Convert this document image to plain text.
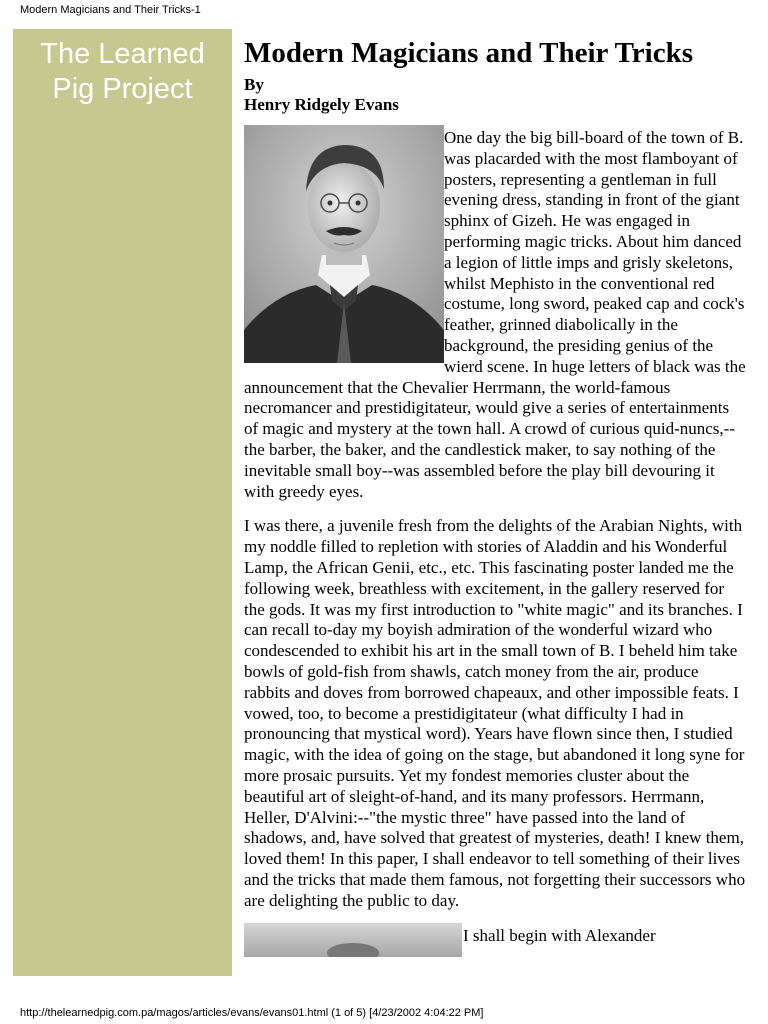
Modern Magicians and Their Tricks-1
The Learned
Pig Project
Modern Magicians and Their Tricks
By
Henry Ridgely Evans

One day the big bill-board of the town of B. was placarded with the most flamboyant of posters, representing a gentleman in full evening dress, standing in front of the giant sphinx of Gizeh. He was engaged in performing magic tricks. About him danced a legion of little imps and grisly skeletons, whilst Mephisto in the conventional red costume, long sword, peaked cap and cock's feather, grinned diabolically in the background, the presiding genius of the wierd scene. In huge letters of black was the announcement that the Chevalier Herrmann, the world-famous necromancer and prestidigitateur, would give a series of entertainments of magic and mystery at the town hall. A crowd of curious quid-nuncs,--the barber, the baker, and the candlestick maker, to say nothing of the inevitable small boy--was assembled before the play bill devouring it with greedy eyes.

I was there, a juvenile fresh from the delights of the Arabian Nights, with my noddle filled to repletion with stories of Aladdin and his Wonderful Lamp, the African Genii, etc., etc. This fascinating poster landed me the following week, breathless with excitement, in the gallery reserved for the gods. It was my first introduction to "white magic" and its branches. I can recall to-day my boyish admiration of the wonderful wizard who condescended to exhibit his art in the small town of B. I beheld him take bowls of gold-fish from shawls, catch money from the air, produce rabbits and doves from borrowed chapeaux, and other impossible feats. I vowed, too, to become a prestidigitateur (what difficulty I had in pronouncing that mystical word). Years have flown since then, I studied magic, with the idea of going on the stage, but abandoned it long syne for more prosaic pursuits. Yet my fondest memories cluster about the beautiful art of sleight-of-hand, and its many professors. Herrmann, Heller, D'Alvini:--"the mystic three" have passed into the land of shadows, and, have solved that greatest of mysteries, death! I knew them, loved them! In this paper, I shall endeavor to tell something of their lives and the tricks that made them famous, not forgetting their successors who are delighting the public to day.

I shall begin with Alexander

http://thelearnedpig.com.pa/magos/articles/evans/evans01.html (1 of 5) [4/23/2002 4:04:22 PM]
